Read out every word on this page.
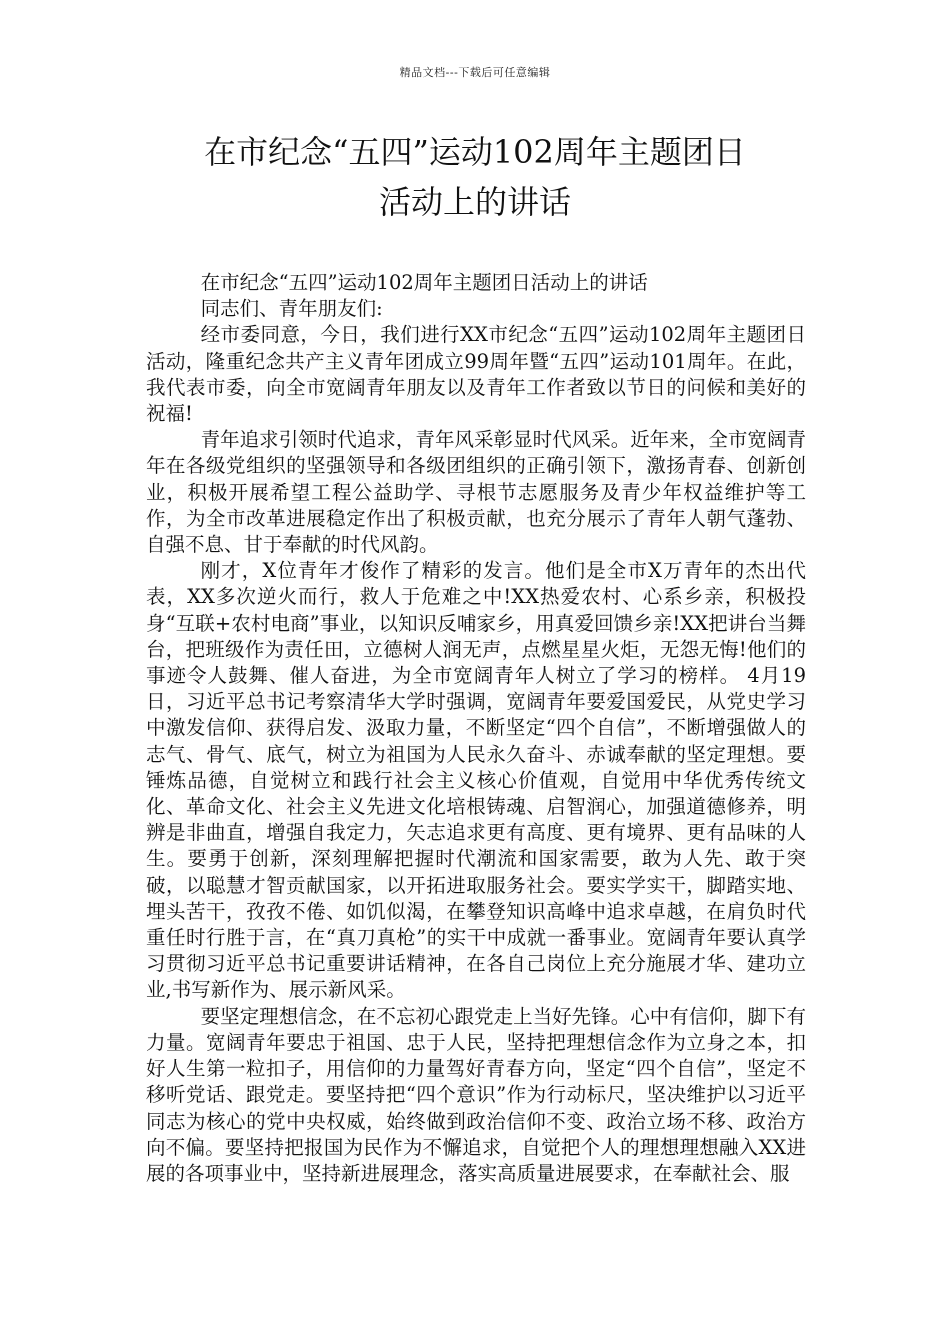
精品文档---下载后可任意编辑
在市纪念“五四”运动102周年主题团日
活动上的讲话

在市纪念“五四”运动102周年主题团日活动上的讲话

同志们、青年朋友们:

经市委同意，今日，我们进行XX市纪念“五四”运动102周年主题团日活动，隆重纪念共产主义青年团成立99周年暨“五四”运动101周年。在此，我代表市委，向全市宽阔青年朋友以及青年工作者致以节日的问候和美好的祝福!

青年追求引领时代追求，青年风采彰显时代风采。近年来，全市宽阔青年在各级党组织的坚强领导和各级团组织的正确引领下，激扬青春、创新创业，积极开展希望工程公益助学、寻根节志愿服务及青少年权益维护等工作，为全市改革进展稳定作出了积极贡献，也充分展示了青年人朝气蓬勃、自强不息、甘于奉献的时代风韵。

刚才，X位青年才俊作了精彩的发言。他们是全市X万青年的杰出代表，XX多次逆火而行，救人于危难之中!XX热爱农村、心系乡亲，积极投身“互联+农村电商”事业，以知识反哺家乡，用真爱回馈乡亲!XX把讲台当舞台，把班级作为责任田，立德树人润无声，点燃星星火炬，无怨无悔!他们的事迹令人鼓舞、催人奋进，为全市宽阔青年人树立了学习的榜样。 4月19日，习近平总书记考察清华大学时强调，宽阔青年要爱国爱民，从党史学习中激发信仰、获得启发、汲取力量，不断坚定“四个自信”，不断增强做人的志气、骨气、底气，树立为祖国为人民永久奋斗、赤诚奉献的坚定理想。要锤炼品德，自觉树立和践行社会主义核心价值观，自觉用中华优秀传统文化、革命文化、社会主义先进文化培根铸魂、启智润心，加强道德修养，明辨是非曲直，增强自我定力，矢志追求更有高度、更有境界、更有品味的人生。要勇于创新，深刻理解把握时代潮流和国家需要，敢为人先、敢于突破，以聪慧才智贡献国家，以开拓进取服务社会。要实学实干，脚踏实地、埋头苦干，孜孜不倦、如饥似渴，在攀登知识高峰中追求卓越，在肩负时代重任时行胜于言，在“真刀真枪”的实干中成就一番事业。宽阔青年要认真学习贯彻习近平总书记重要讲话精神，在各自己岗位上充分施展才华、建功立业,书写新作为、展示新风采。

要坚定理想信念，在不忘初心跟党走上当好先锋。心中有信仰，脚下有力量。宽阔青年要忠于祖国、忠于人民，坚持把理想信念作为立身之本，扣好人生第一粒扣子，用信仰的力量驾好青春方向，坚定“四个自信”，坚定不移听党话、跟党走。要坚持把“四个意识”作为行动标尺，坚决维护以习近平同志为核心的党中央权威，始终做到政治信仰不变、政治立场不移、政治方向不偏。要坚持把报国为民作为不懈追求，自觉把个人的理想理想融入XX进展的各项事业中，坚持新进展理念，落实高质量进展要求，在奉献社会、服
